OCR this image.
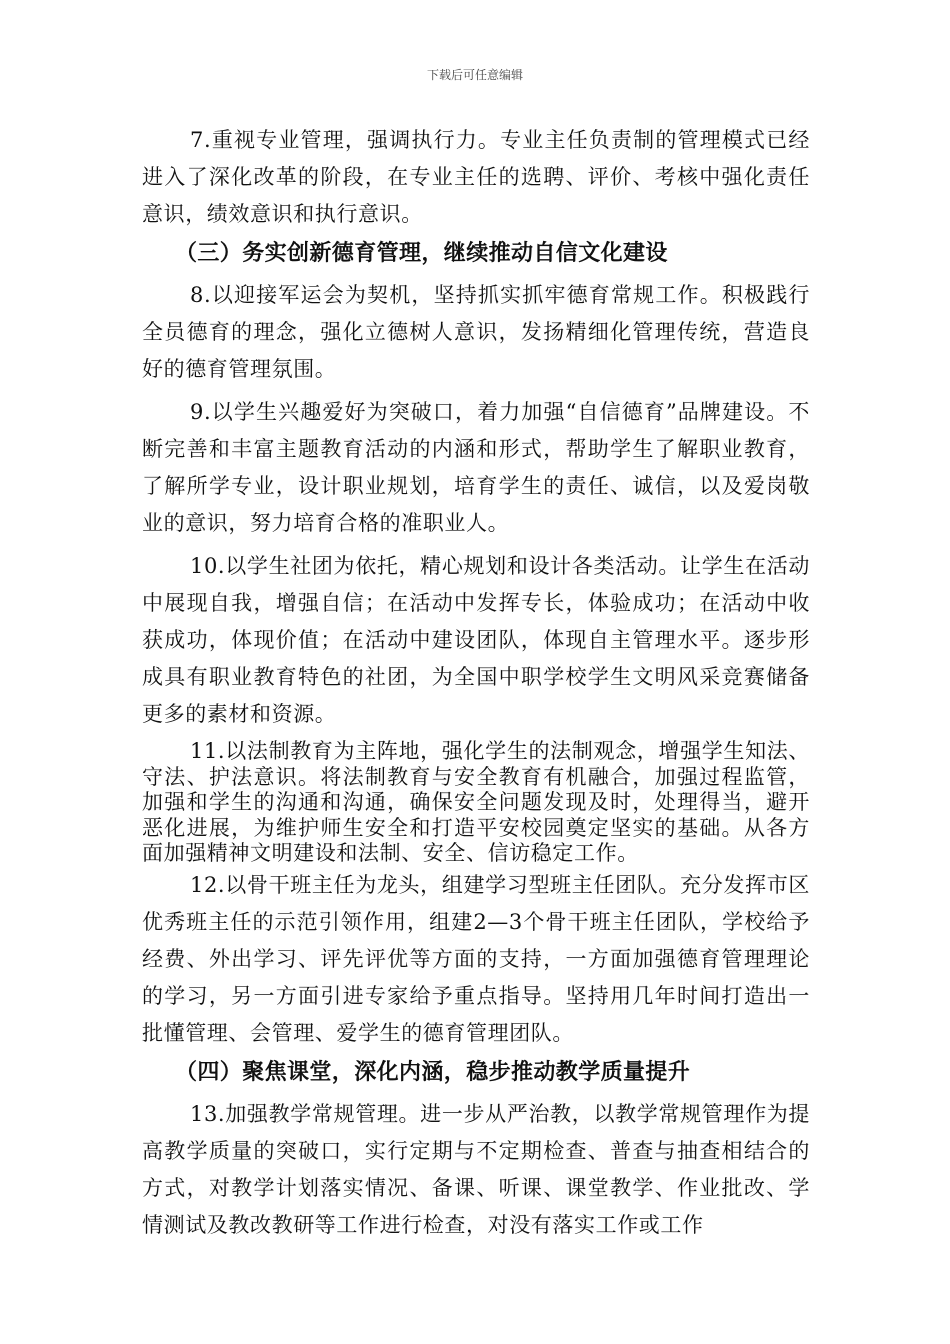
下载后可任意编辑

7.重视专业管理，强调执行力。专业主任负责制的管理模式已经进入了深化改革的阶段，在专业主任的选聘、评价、考核中强化责任意识，绩效意识和执行意识。

（三）务实创新德育管理，继续推动自信文化建设

8.以迎接军运会为契机，坚持抓实抓牢德育常规工作。积极践行全员德育的理念，强化立德树人意识，发扬精细化管理传统，营造良好的德育管理氛围。

9.以学生兴趣爱好为突破口，着力加强“自信德育”品牌建设。不断完善和丰富主题教育活动的内涵和形式，帮助学生了解职业教育，了解所学专业，设计职业规划，培育学生的责任、诚信，以及爱岗敬业的意识，努力培育合格的准职业人。

10.以学生社团为依托，精心规划和设计各类活动。让学生在活动中展现自我，增强自信；在活动中发挥专长，体验成功；在活动中收获成功，体现价值；在活动中建设团队，体现自主管理水平。逐步形成具有职业教育特色的社团，为全国中职学校学生文明风采竞赛储备更多的素材和资源。

11.以法制教育为主阵地，强化学生的法制观念，增强学生知法、守法、护法意识。将法制教育与安全教育有机融合，加强过程监管，加强和学生的沟通和沟通，确保安全问题发现及时，处理得当，避开恶化进展，为维护师生安全和打造平安校园奠定坚实的基础。从各方面加强精神文明建设和法制、安全、信访稳定工作。

12.以骨干班主任为龙头，组建学习型班主任团队。充分发挥市区优秀班主任的示范引领作用，组建2—3个骨干班主任团队，学校给予经费、外出学习、评先评优等方面的支持，一方面加强德育管理理论的学习，另一方面引进专家给予重点指导。坚持用几年时间打造出一批懂管理、会管理、爱学生的德育管理团队。

（四）聚焦课堂，深化内涵，稳步推动教学质量提升

13.加强教学常规管理。进一步从严治教，以教学常规管理作为提高教学质量的突破口，实行定期与不定期检查、普查与抽查相结合的方式，对教学计划落实情况、备课、听课、课堂教学、作业批改、学情测试及教改教研等工作进行检查，对没有落实工作或工作
